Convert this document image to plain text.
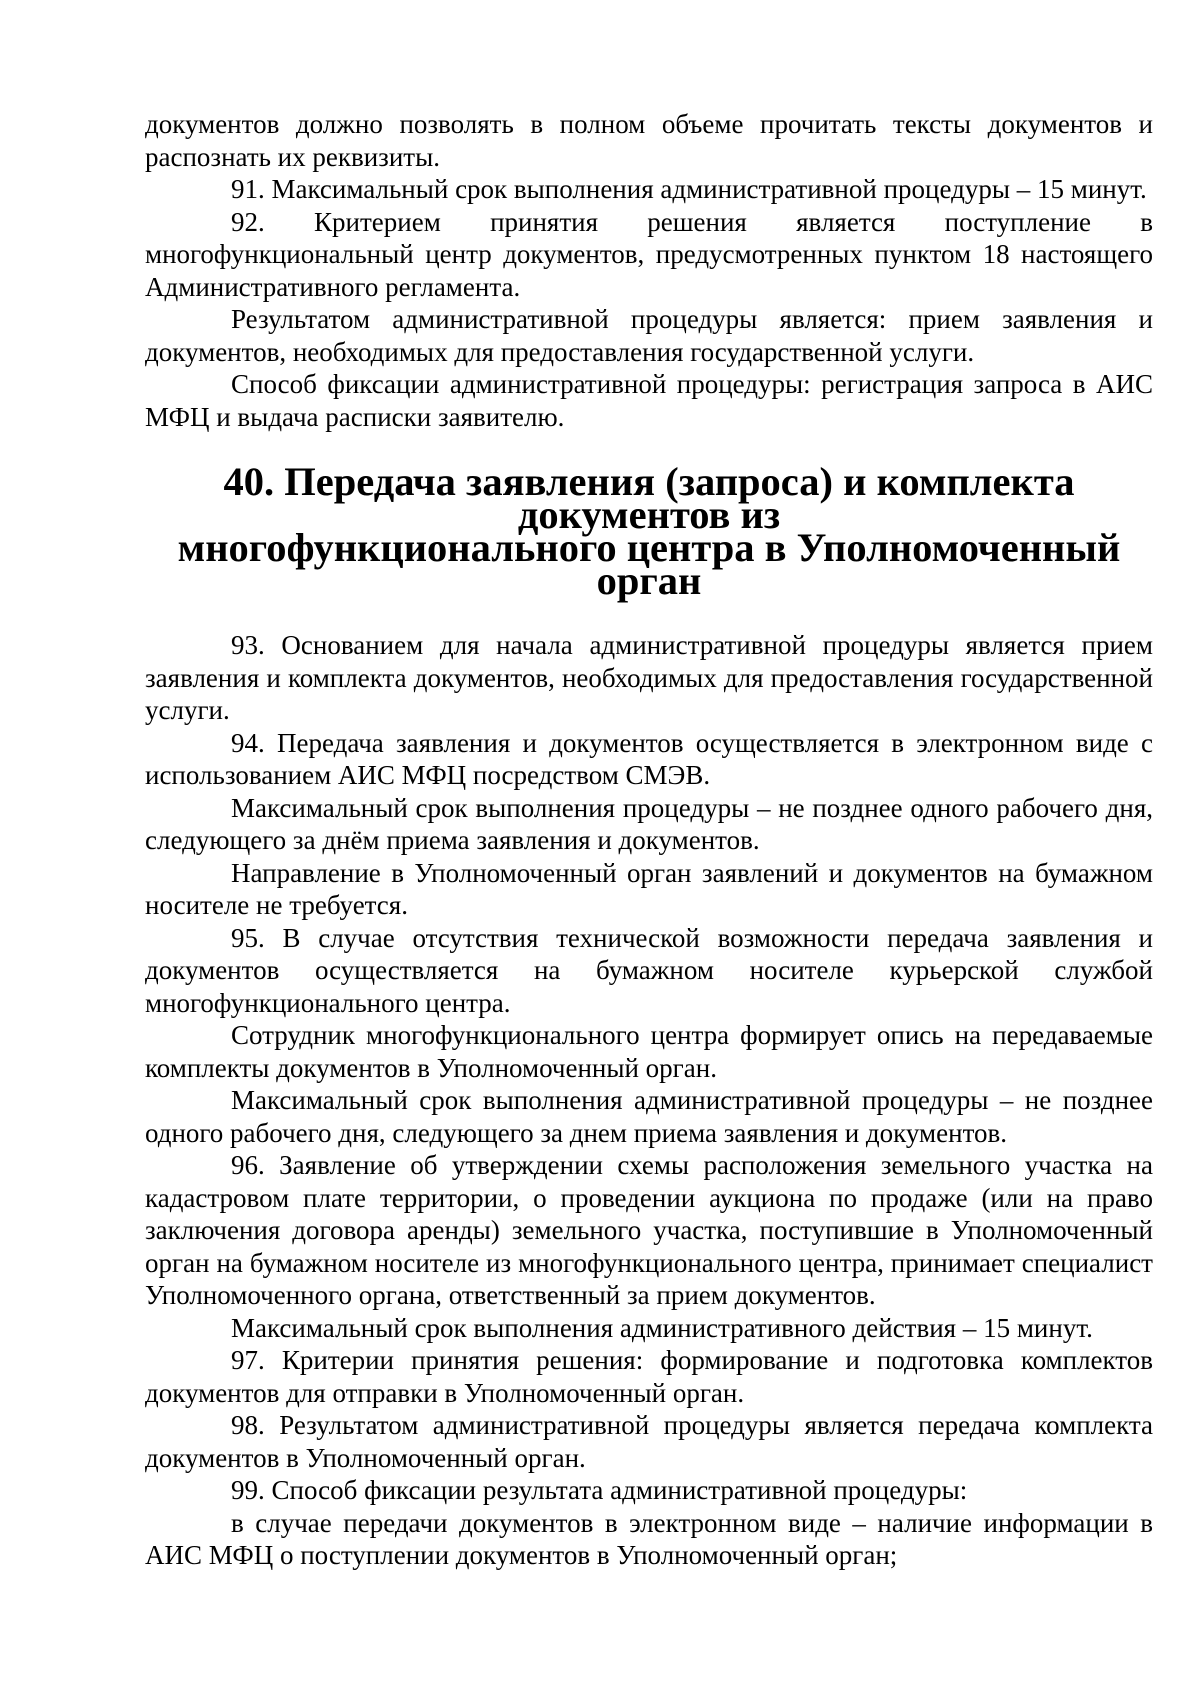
документов должно позволять в полном объеме прочитать тексты документов и распознать их реквизиты.

91. Максимальный срок выполнения административной процедуры – 15 минут.

92. Критерием принятия решения является поступление в многофункциональный центр документов, предусмотренных пунктом 18 настоящего Административного регламента.

Результатом административной процедуры является: прием заявления и документов, необходимых для предоставления государственной услуги.

Способ фиксации административной процедуры: регистрация запроса в АИС МФЦ и выдача расписки заявителю.

40. Передача заявления (запроса) и комплекта документов из
многофункционального центра в Уполномоченный орган

93. Основанием для начала административной процедуры является прием заявления и комплекта документов, необходимых для предоставления государственной услуги.

94. Передача заявления и документов осуществляется в электронном виде с использованием АИС МФЦ посредством СМЭВ.

Максимальный срок выполнения процедуры – не позднее одного рабочего дня, следующего за днём приема заявления и документов.

Направление в Уполномоченный орган заявлений и документов на бумажном носителе не требуется.

95. В случае отсутствия технической возможности передача заявления и документов осуществляется на бумажном носителе курьерской службой многофункционального центра.

Сотрудник многофункционального центра формирует опись на передаваемые комплекты документов в Уполномоченный орган.

Максимальный срок выполнения административной процедуры – не позднее одного рабочего дня, следующего за днем приема заявления и документов.

96. Заявление об утверждении схемы расположения земельного участка на кадастровом плате территории, о проведении аукциона по продаже (или на право заключения договора аренды) земельного участка, поступившие в Уполномоченный орган на бумажном носителе из многофункционального центра, принимает специалист Уполномоченного органа, ответственный за прием документов.

Максимальный срок выполнения административного действия – 15 минут.

97. Критерии принятия решения: формирование и подготовка комплектов документов для отправки в Уполномоченный орган.

98. Результатом административной процедуры является передача комплекта документов в Уполномоченный орган.

99. Способ фиксации результата административной процедуры:

в случае передачи документов в электронном виде – наличие информации в АИС МФЦ о поступлении документов в Уполномоченный орган;
